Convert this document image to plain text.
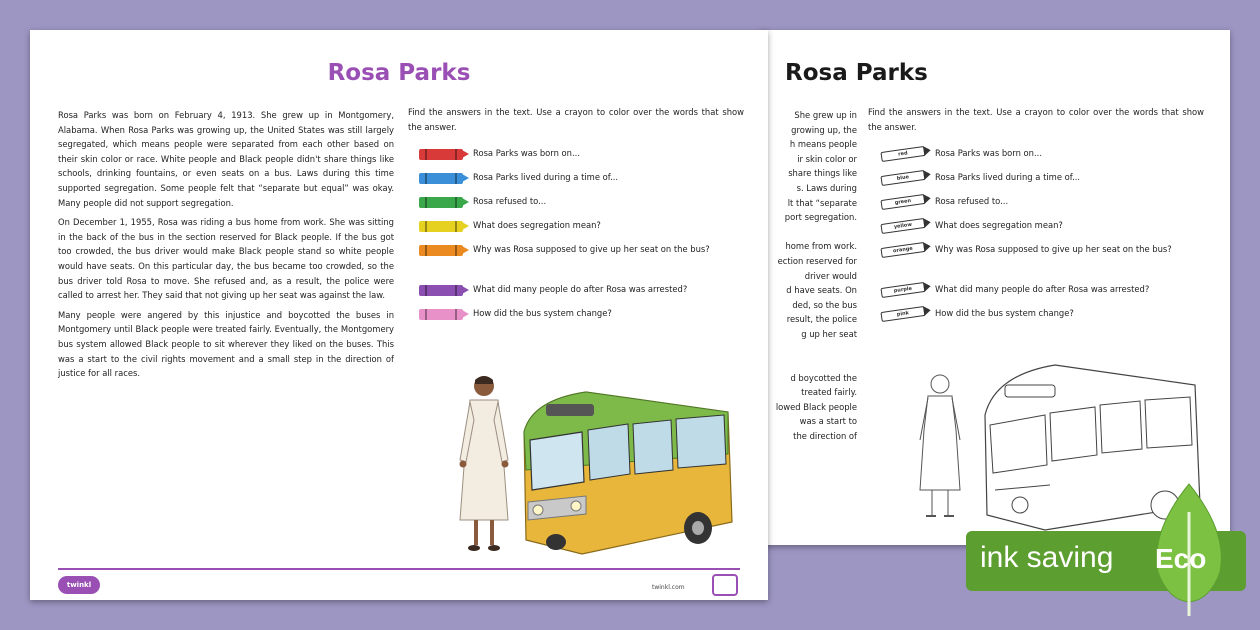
Rosa Parks
She grew up in
growing up, the
h means people
ir skin color or
share things like
s. Laws during
lt that “separate
port segregation.
home from work.
ection reserved for
driver would
d have seats. On
ded, so the bus
result, the police
g up her seat
d boycotted the
treated fairly.
lowed Black people
was a start to
the direction of
Find the answers in the text. Use a crayon to color over the words that show the answer.
red	Rosa Parks was born on...
blue	Rosa Parks lived during a time of...
green	Rosa refused to...
yellow	What does segregation mean?
orange	Why was Rosa supposed to give up her seat on the bus?
purple	What did many people do after Rosa was arrested?
pink	How did the bus system change?
Rosa Parks

Rosa Parks was born on February 4, 1913. She grew up in Montgomery, Alabama. When Rosa Parks was growing up, the United States was still largely segregated, which means people were separated from each other based on their skin color or race. White people and Black people didn't share things like schools, drinking fountains, or even seats on a bus. Laws during this time supported segregation. Some people felt that “separate but equal” was okay. Many people did not support segregation.

On December 1, 1955, Rosa was riding a bus home from work. She was sitting in the back of the bus in the section reserved for Black people. If the bus got too crowded, the bus driver would make Black people stand so white people would have seats. On this particular day, the bus became too crowded, so the bus driver told Rosa to move. She refused and, as a result, the police were called to arrest her. They said that not giving up her seat was against the law.

Many people were angered by this injustice and boycotted the buses in Montgomery until Black people were treated fairly. Eventually, the Montgomery bus system allowed Black people to sit wherever they liked on the buses. This was a start to the civil rights movement and a small step in the direction of justice for all races.

Find the answers in the text. Use a crayon to color over the words that show the answer.
Rosa Parks was born on...
Rosa Parks lived during a time of...
Rosa refused to...
What does segregation mean?
Why was Rosa supposed to give up her seat on the bus?
What did many people do after Rosa was arrested?
How did the bus system change?
twinkl	twinkl.com
ink saving Eco
